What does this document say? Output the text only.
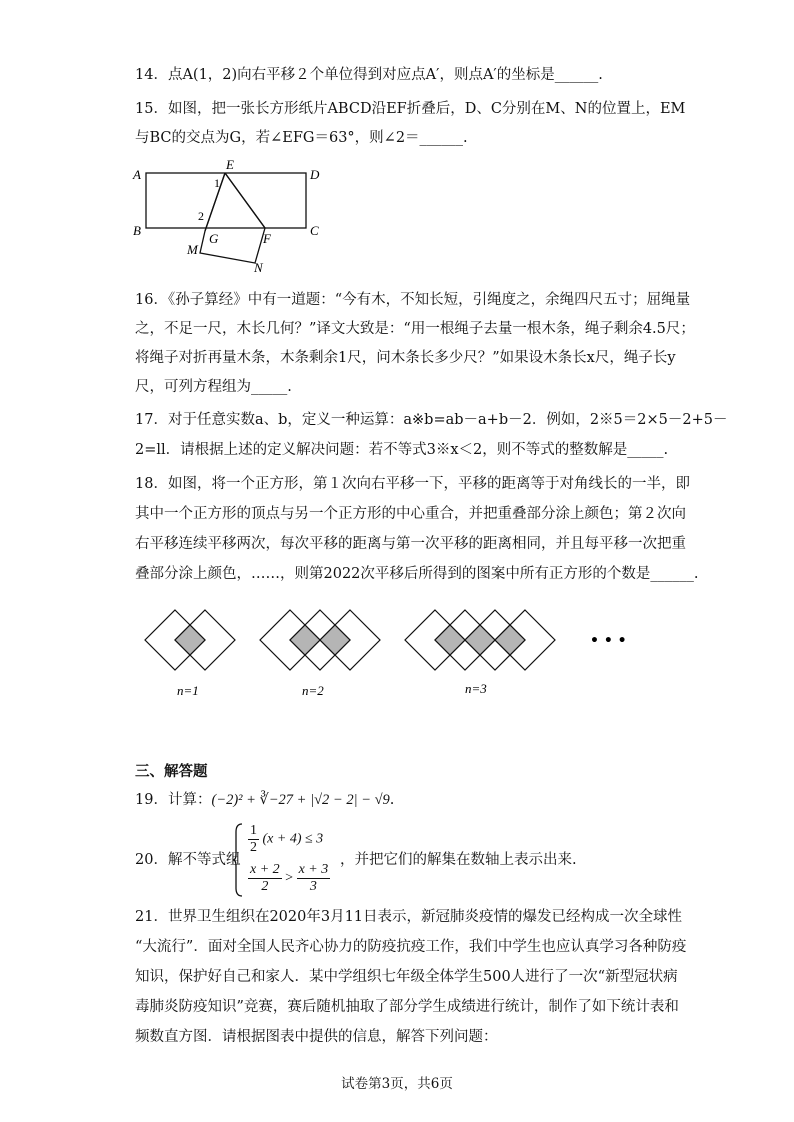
14．点A(1，2)向右平移２个单位得到对应点A′，则点A′的坐标是______.
15．如图，把一张长方形纸片ABCD沿EF折叠后，D、C分别在M、N的位置上，EM
与BC的交点为G，若∠EFG＝63°，则∠2＝______.
A	D
B	C
E
F
G
M
N
1
2
16．《孙子算经》中有一道题：“今有木，不知长短，引绳度之，余绳四尺五寸；屈绳量
之，不足一尺，木长几何？”译文大致是：“用一根绳子去量一根木条，绳子剩余4.5尺；
将绳子对折再量木条，木条剩余1尺，问木条长多少尺？”如果设木条长x尺，绳子长y
尺，可列方程组为_____.
17．对于任意实数a、b，定义一种运算：a※b=ab－a+b－2．例如，2※5＝2×5－2+5－
2=ll．请根据上述的定义解决问题：若不等式3※x＜2，则不等式的整数解是_____.
18．如图，将一个正方形，第１次向右平移一下，平移的距离等于对角线长的一半，即
其中一个正方形的顶点与另一个正方形的中心重合，并把重叠部分涂上颜色；第２次向
右平移连续平移两次，每次平移的距离与第一次平移的距离相同，并且每平移一次把重
叠部分涂上颜色，……，则第2022次平移后所得到的图案中所有正方形的个数是______.
• • •
n=1	n=2	n=3
三、解答题
19．计算：(−2)² + ∛−27 + |√2 − 2| − √9.
20．解不等式组
$\frac{1}{2} (x + 4) \le 3$
$\frac{x + 2}{2} > \frac{x + 3}{3}$
，并把它们的解集在数轴上表示出来.
21．世界卫生组织在2020年3月11日表示，新冠肺炎疫情的爆发已经构成一次全球性
“大流行”．面对全国人民齐心协力的防疫抗疫工作，我们中学生也应认真学习各种防疫
知识，保护好自己和家人．某中学组织七年级全体学生500人进行了一次“新型冠状病
毒肺炎防疫知识”竞赛，赛后随机抽取了部分学生成绩进行统计，制作了如下统计表和
频数直方图．请根据图表中提供的信息，解答下列问题：
试卷第3页，共6页
